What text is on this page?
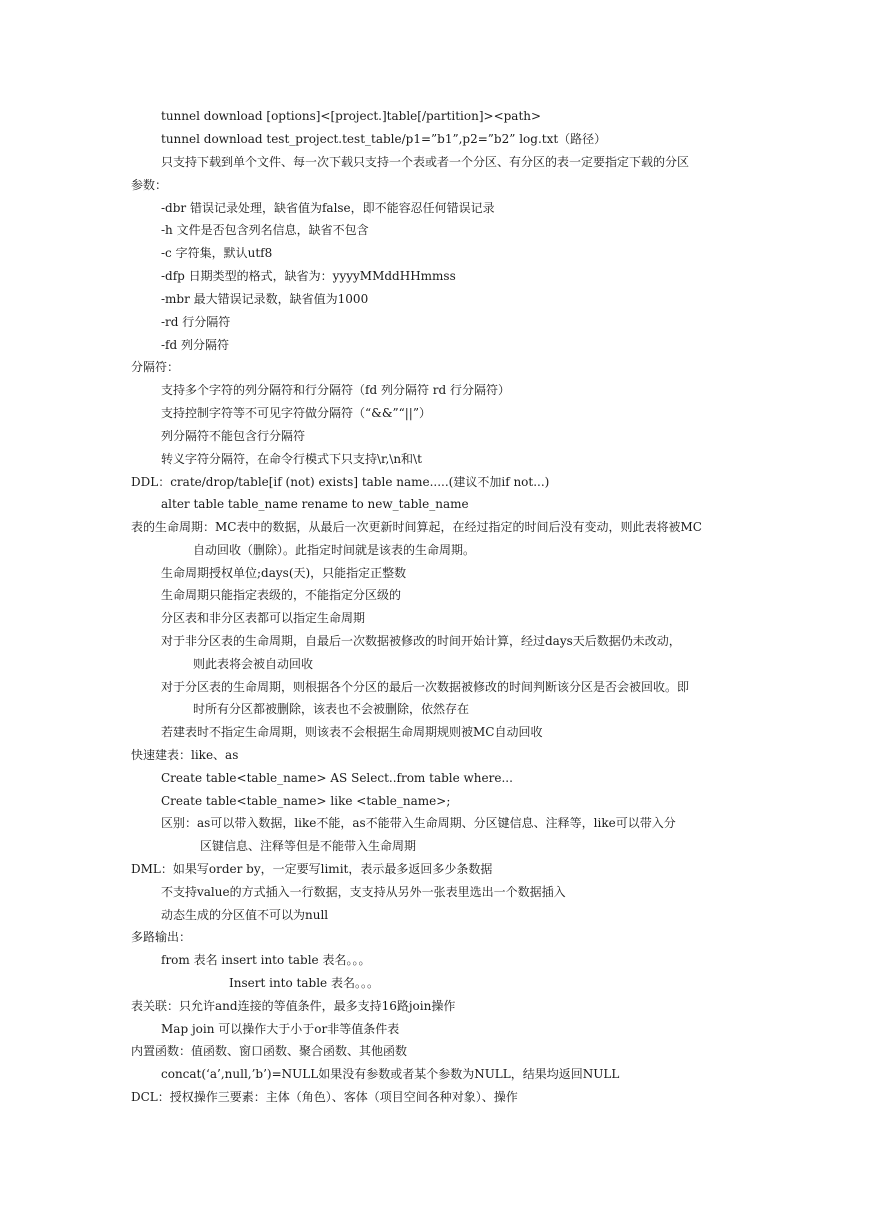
tunnel download [options]<[project.]table[/partition]><path>
tunnel download test_project.test_table/p1=”b1”,p2=”b2” log.txt（路径）
只支持下载到单个文件、每一次下载只支持一个表或者一个分区、有分区的表一定要指定下载的分区
参数：
-dbr 错误记录处理，缺省值为false，即不能容忍任何错误记录
-h 文件是否包含列名信息，缺省不包含
-c 字符集，默认utf8
-dfp 日期类型的格式，缺省为：yyyyMMddHHmmss
-mbr 最大错误记录数，缺省值为1000
-rd 行分隔符
-fd 列分隔符
分隔符：
支持多个字符的列分隔符和行分隔符（fd 列分隔符 rd 行分隔符）
支持控制字符等不可见字符做分隔符（“&&”“||”）
列分隔符不能包含行分隔符
转义字符分隔符，在命令行模式下只支持\r,\n和\t
DDL：crate/drop/table[if (not) exists] table name.....(建议不加if not...)
alter table table_name rename to new_table_name
表的生命周期：MC表中的数据，从最后一次更新时间算起，在经过指定的时间后没有变动，则此表将被MC
自动回收（删除）。此指定时间就是该表的生命周期。
生命周期授权单位;days(天)，只能指定正整数
生命周期只能指定表级的，不能指定分区级的
分区表和非分区表都可以指定生命周期
对于非分区表的生命周期，自最后一次数据被修改的时间开始计算，经过days天后数据仍未改动，
则此表将会被自动回收
对于分区表的生命周期，则根据各个分区的最后一次数据被修改的时间判断该分区是否会被回收。即
时所有分区都被删除，该表也不会被删除，依然存在
若建表时不指定生命周期，则该表不会根据生命周期规则被MC自动回收
快速建表：like、as
Create table<table_name> AS Select..from table where...
Create table<table_name> like <table_name>;
区别：as可以带入数据，like不能，as不能带入生命周期、分区键信息、注释等，like可以带入分
区键信息、注释等但是不能带入生命周期
DML：如果写order by，一定要写limit，表示最多返回多少条数据
不支持value的方式插入一行数据，支支持从另外一张表里选出一个数据插入
动态生成的分区值不可以为null
多路输出：
from 表名 insert into table 表名。。。
Insert into table 表名。。。
表关联：只允许and连接的等值条件，最多支持16路join操作
Map join 可以操作大于小于or非等值条件表
内置函数：值函数、窗口函数、聚合函数、其他函数
concat(‘a’,null,’b’)=NULL如果没有参数或者某个参数为NULL，结果均返回NULL
DCL：授权操作三要素：主体（角色）、客体（项目空间各种对象）、操作
